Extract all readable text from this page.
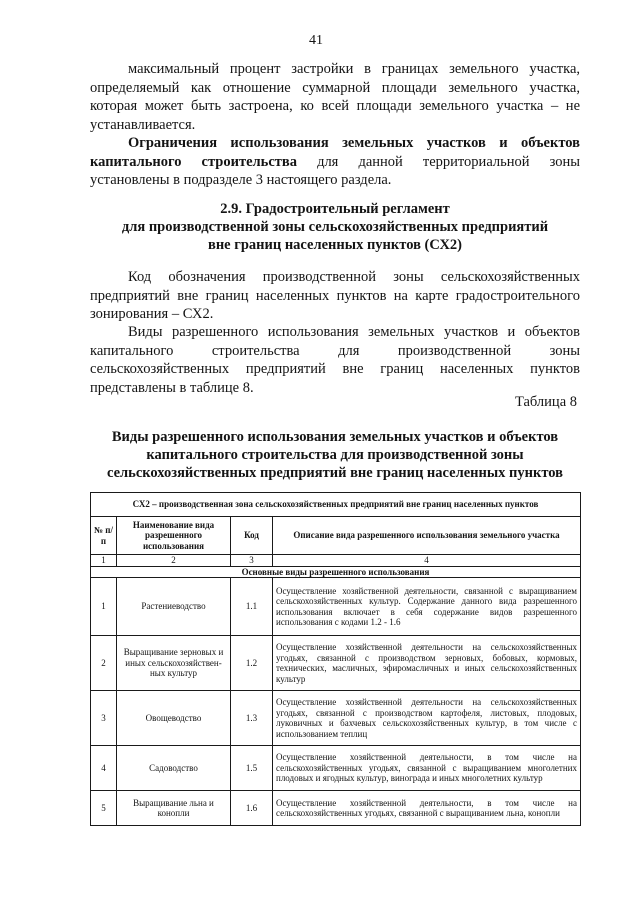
41

максимальный процент застройки в границах земельного участка, определяемый как отношение суммарной площади земельного участка, которая может быть застроена, ко всей площади земельного участка – не устанавливается.

Ограничения использования земельных участков и объектов капитального строительства для данной территориальной зоны установлены в подразделе 3 настоящего раздела.

2.9. Градостроительный регламент
для производственной зоны сельскохозяйственных предприятий
вне границ населенных пунктов (СХ2)

Код обозначения производственной зоны сельскохозяйственных предприятий вне границ населенных пунктов на карте градостроительного зонирования – СХ2.

Виды разрешенного использования земельных участков и объектов капитального строительства для производственной зоны сельскохозяйственных предприятий вне границ населенных пунктов представлены в таблице 8.

Таблица 8
Виды разрешенного использования земельных участков и объектов
капитального строительства для производственной зоны
сельскохозяйственных предприятий вне границ населенных пунктов
СХ2 – производственная зона сельскохозяйственных предприятий вне границ населенных пунктов			
№ п/п	Наименование вида разрешенного использования	Код	Описание вида разрешенного использования земельного участка
1	2	3	4
Основные виды разрешенного использования			
1	Растениеводство	1.1	Осуществление хозяйственной деятельности, связанной с выращиванием сельскохозяйственных культур. Содержание данного вида разрешенного использования включает в себя содержание видов разрешенного использования с кодами 1.2 - 1.6
2	Выращивание зерновых и иных сельскохозяйствен-ных культур	1.2	Осуществление хозяйственной деятельности на сельскохозяйственных угодьях, связанной с производством зерновых, бобовых, кормовых, технических, масличных, эфиромасличных и иных сельскохозяйственных культур
3	Овощеводство	1.3	Осуществление хозяйственной деятельности на сельскохозяйственных угодьях, связанной с производством картофеля, листовых, плодовых, луковичных и бахчевых сельскохозяйственных культур, в том числе с использованием теплиц
4	Садоводство	1.5	Осуществление хозяйственной деятельности, в том числе на сельскохозяйственных угодьях, связанной с выращиванием многолетних плодовых и ягодных культур, винограда и иных многолетних культур
5	Выращивание льна и конопли	1.6	Осуществление хозяйственной деятельности, в том числе на сельскохозяйственных угодьях, связанной с выращиванием льна, конопли
